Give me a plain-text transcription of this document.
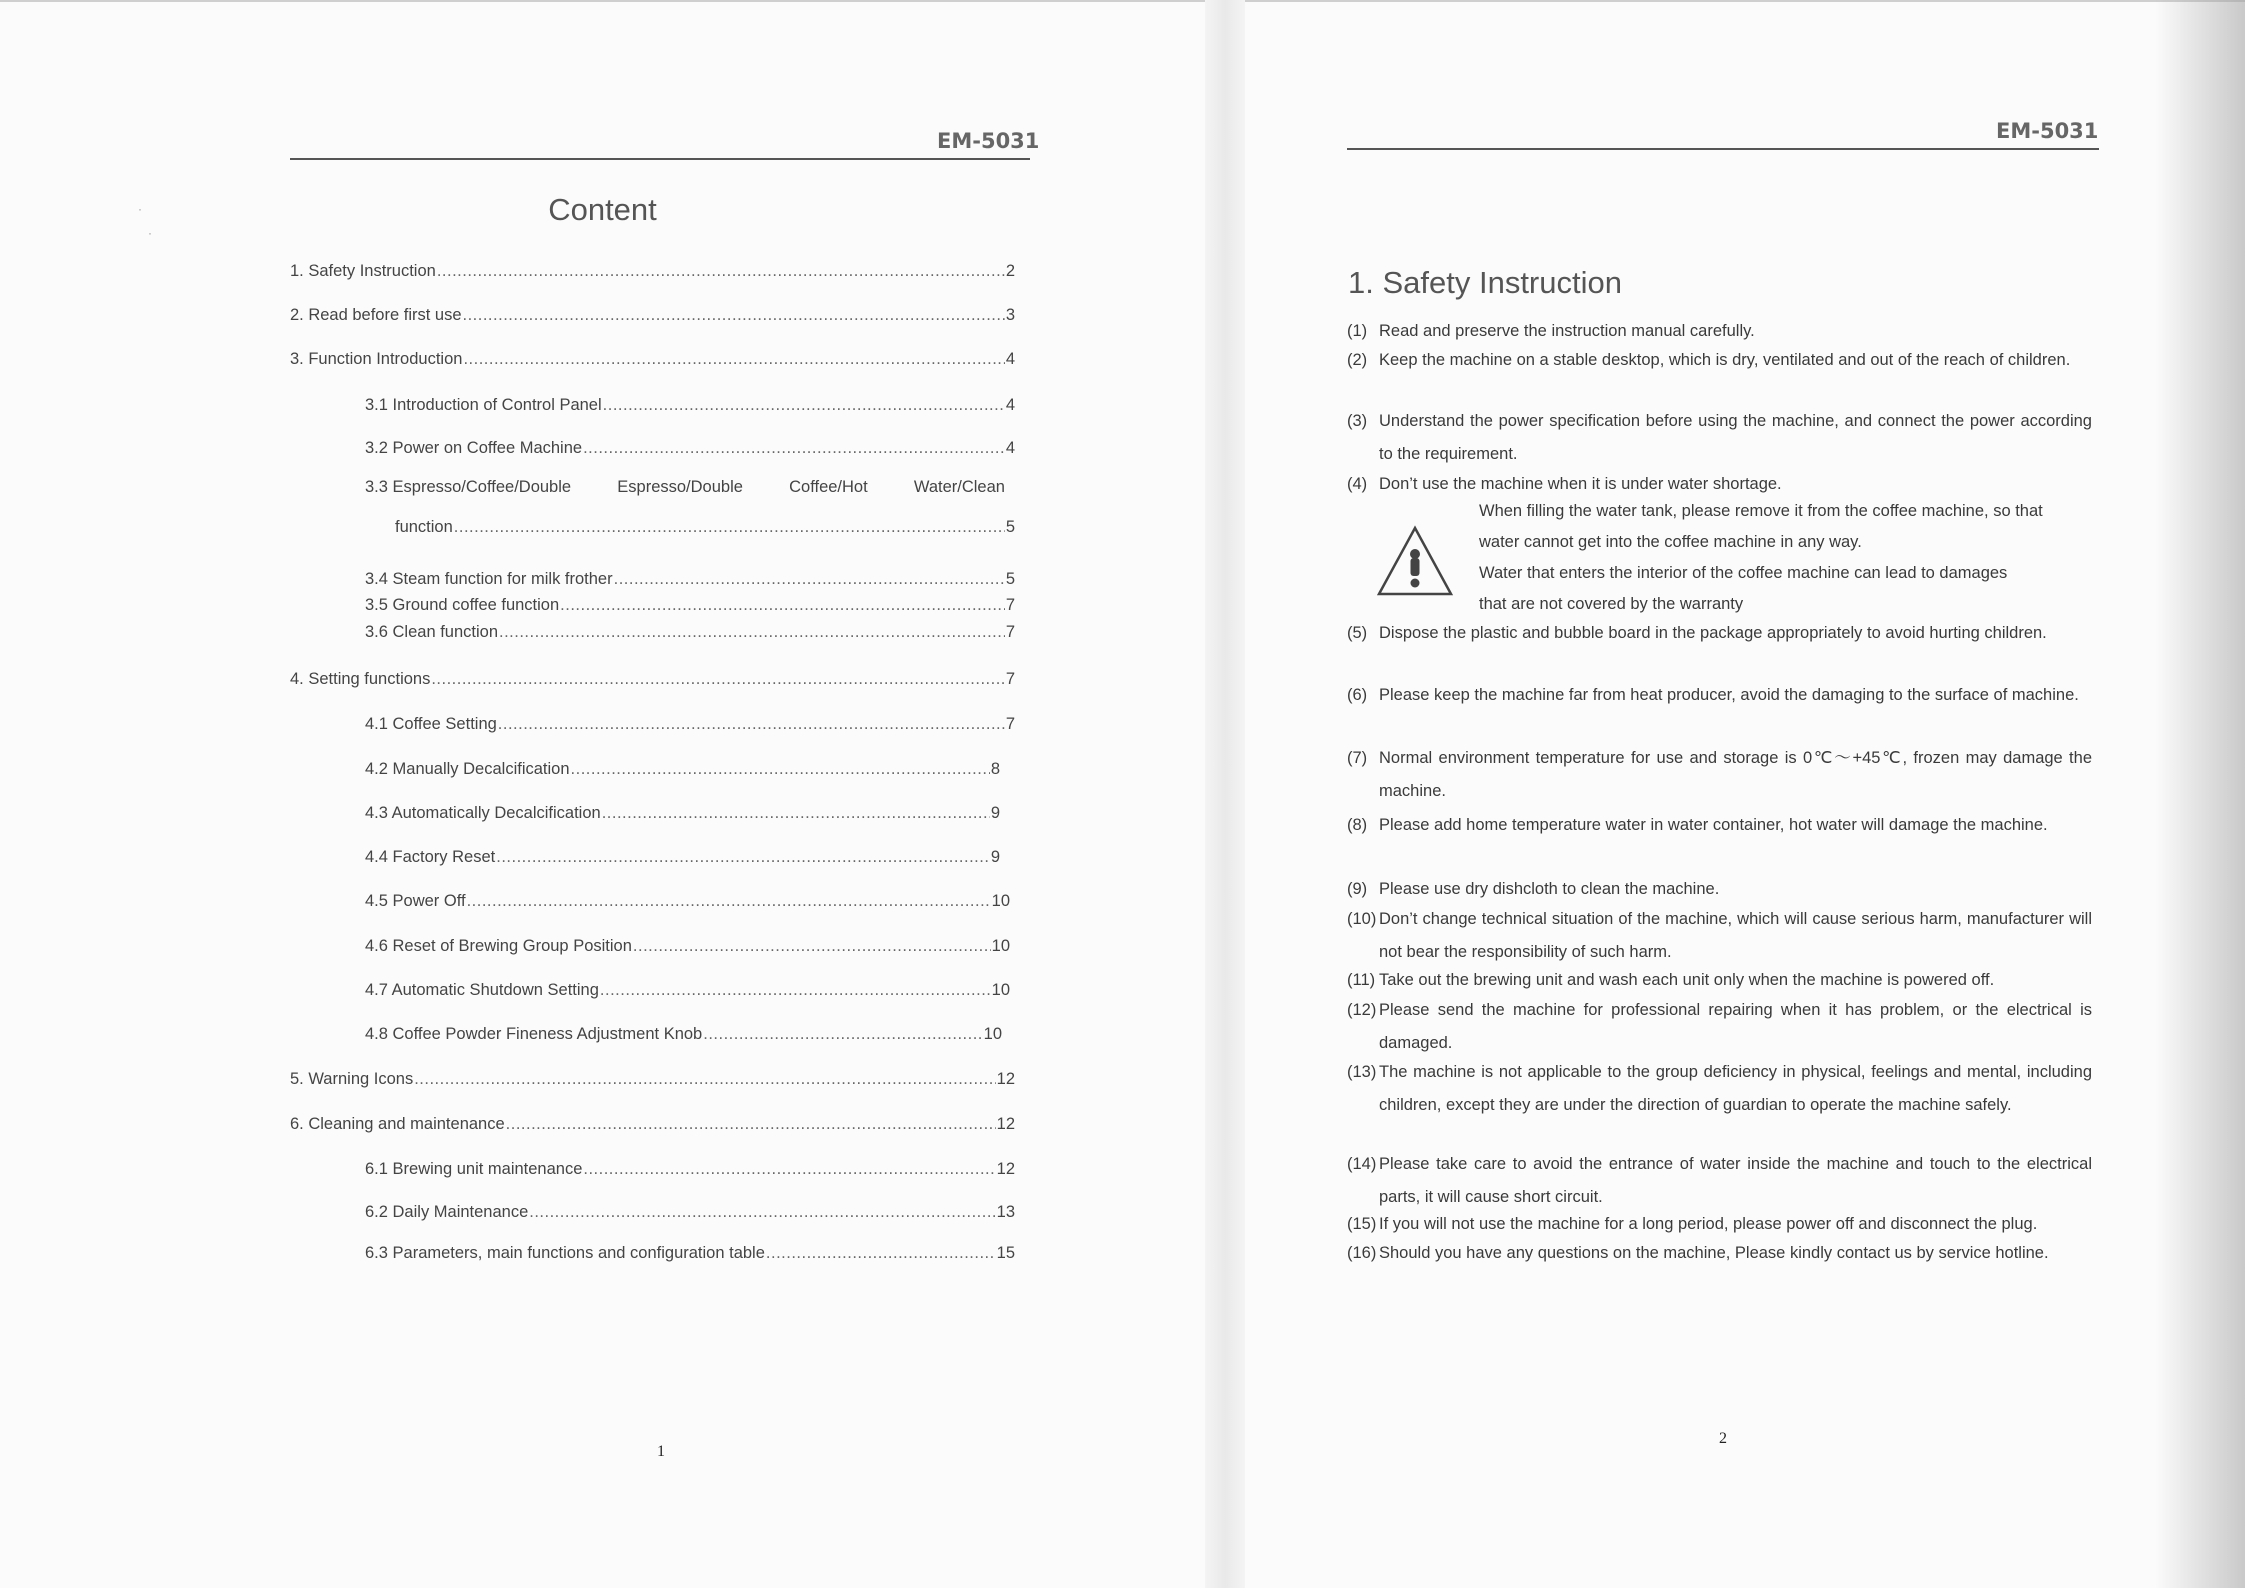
EM-5031
Content
1. Safety Instruction .....	2
2. Read before first use .....	3
3. Function Introduction .....	4
3.1 Introduction of Control Panel .....	4
3.2 Power on Coffee Machine .....	4
3.3 Espresso/Coffee/Double	Espresso/Double	Coffee/Hot	Water/Clean
function .....	5
3.4 Steam function for milk frother .....	5
3.5 Ground coffee function .....	7
3.6 Clean function .....	7
4. Setting functions .....	7
4.1 Coffee Setting .....	7
4.2 Manually Decalcification .....	8
4.3 Automatically Decalcification .....	9
4.4 Factory Reset .....	9
4.5 Power Off .....	10
4.6 Reset of Brewing Group Position .....	10
4.7 Automatic Shutdown Setting .....	10
4.8 Coffee Powder Fineness Adjustment Knob .....	10
5. Warning Icons .....	12
6. Cleaning and maintenance .....	12
6.1 Brewing unit maintenance .....	12
6.2 Daily Maintenance .....	13
6.3 Parameters, main functions and configuration table .....	15
1
·
·
EM-5031
1. Safety Instruction
(1) Read and preserve the instruction manual carefully.
(2) Keep the machine on a stable desktop, which is dry, ventilated and out of the reach of children.
(3) Understand the power specification before using the machine, and connect the power according to the requirement.
(4) Don’t use the machine when it is under water shortage.
When filling the water tank, please remove it from the coffee machine, so that
water cannot get into the coffee machine in any way.
Water that enters the interior of the coffee machine can lead to damages
that are not covered by the warranty
(5) Dispose the plastic and bubble board in the package appropriately to avoid hurting children.
(6) Please keep the machine far from heat producer, avoid the damaging to the surface of machine.
(7) Normal environment temperature for use and storage is 0℃～+45℃, frozen may damage the machine.
(8) Please add home temperature water in water container, hot water will damage the machine.
(9) Please use dry dishcloth to clean the machine.
(10) Don’t change technical situation of the machine, which will cause serious harm, manufacturer will not bear the responsibility of such harm.
(11) Take out the brewing unit and wash each unit only when the machine is powered off.
(12) Please send the machine for professional repairing when it has problem, or the electrical is damaged.
(13) The machine is not applicable to the group deficiency in physical, feelings and mental, including children, except they are under the direction of guardian to operate the machine safely.
(14) Please take care to avoid the entrance of water inside the machine and touch to the electrical parts, it will cause short circuit.
(15) If you will not use the machine for a long period, please power off and disconnect the plug.
(16) Should you have any questions on the machine, Please kindly contact us by service hotline.
2
